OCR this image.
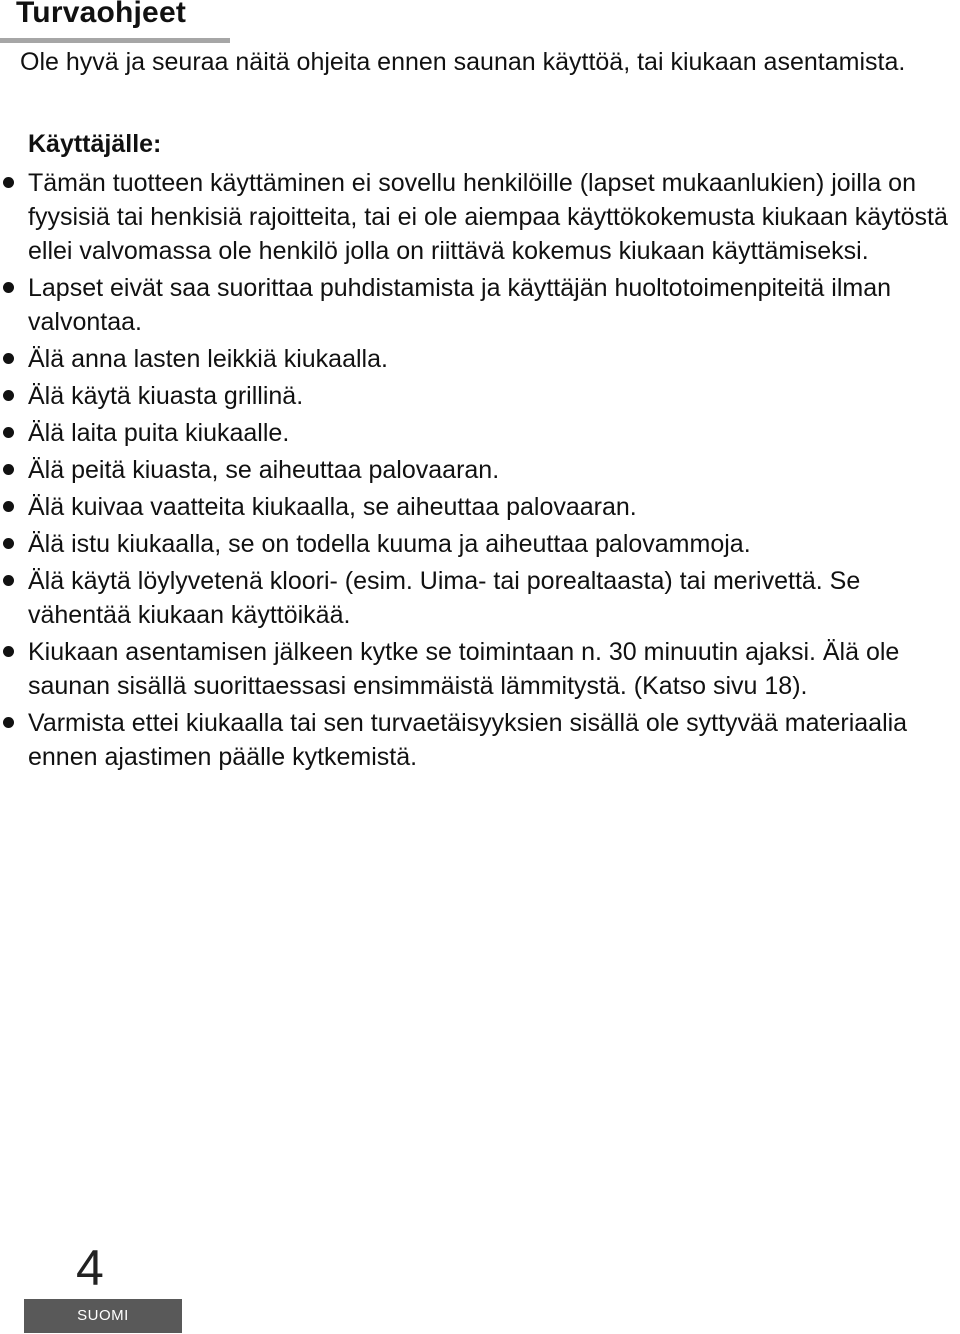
Turvaohjeet

Ole hyvä ja seuraa näitä ohjeita ennen saunan käyttöä, tai kiukaan asentamista.

Käyttäjälle:
Tämän tuotteen käyttäminen ei sovellu henkilöille (lapset mukaanlukien) joilla on fyysisiä tai henkisiä rajoitteita, tai ei ole aiempaa käyttökokemusta kiukaan käytöstä ellei valvomassa ole henkilö jolla on riittävä kokemus kiukaan käyttämiseksi.
Lapset eivät saa suorittaa puhdistamista ja käyttäjän huoltotoimenpiteitä ilman valvontaa.
Älä anna lasten leikkiä kiukaalla.
Älä käytä kiuasta grillinä.
Älä laita puita kiukaalle.
Älä peitä kiuasta, se aiheuttaa palovaaran.
Älä kuivaa vaatteita kiukaalla, se aiheuttaa palovaaran.
Älä istu kiukaalla, se on todella kuuma ja aiheuttaa palovammoja.
Älä käytä löylyvetenä kloori- (esim. Uima- tai porealtaasta) tai merivettä. Se vähentää kiukaan käyttöikää.
Kiukaan asentamisen jälkeen kytke se toimintaan n. 30 minuutin ajaksi. Älä ole saunan sisällä suorittaessasi ensimmäistä lämmitystä. (Katso sivu 18).
Varmista ettei kiukaalla tai sen turvaetäisyyksien sisällä ole syttyvää materiaalia ennen ajastimen päälle kytkemistä.
4
SUOMI
